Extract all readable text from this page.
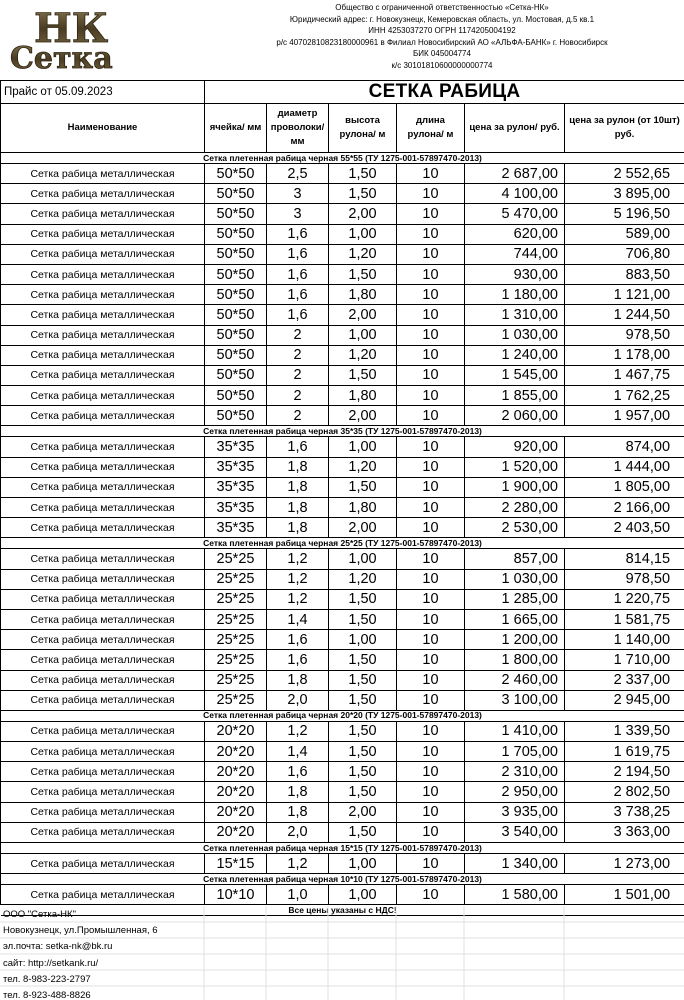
НК
Сетка
Общество с ограниченной ответственностью «Сетка-НК»
Юридический адрес: г. Новокузнецк, Кемеровская область, ул. Мостовая, д.5 кв.1
ИНН 4253037270 ОГРН 1174205004192
р/с 40702810823180000961 в Филиал Новосибирский АО «АЛЬФА-БАНК» г. Новосибирск
БИК 045004774
к/с 30101810600000000774
Прайс от 05.09.2023	СЕТКА РАБИЦА					
Наименование	ячейка/ мм	диаметр проволоки/ мм	высота рулона/ м	длина рулона/ м	цена за рулон/ руб.	цена за рулон (от 10шт) руб.
Сетка плетенная рабица черная 55*55 (ТУ 1275-001-57897470-2013)						
Сетка рабица металлическая	50*50	2,5	1,50	10	2 687,00	2 552,65
Сетка рабица металлическая	50*50	3	1,50	10	4 100,00	3 895,00
Сетка рабица металлическая	50*50	3	2,00	10	5 470,00	5 196,50
Сетка рабица металлическая	50*50	1,6	1,00	10	620,00	589,00
Сетка рабица металлическая	50*50	1,6	1,20	10	744,00	706,80
Сетка рабица металлическая	50*50	1,6	1,50	10	930,00	883,50
Сетка рабица металлическая	50*50	1,6	1,80	10	1 180,00	1 121,00
Сетка рабица металлическая	50*50	1,6	2,00	10	1 310,00	1 244,50
Сетка рабица металлическая	50*50	2	1,00	10	1 030,00	978,50
Сетка рабица металлическая	50*50	2	1,20	10	1 240,00	1 178,00
Сетка рабица металлическая	50*50	2	1,50	10	1 545,00	1 467,75
Сетка рабица металлическая	50*50	2	1,80	10	1 855,00	1 762,25
Сетка рабица металлическая	50*50	2	2,00	10	2 060,00	1 957,00
Сетка плетенная рабица черная 35*35 (ТУ 1275-001-57897470-2013)						
Сетка рабица металлическая	35*35	1,6	1,00	10	920,00	874,00
Сетка рабица металлическая	35*35	1,8	1,20	10	1 520,00	1 444,00
Сетка рабица металлическая	35*35	1,8	1,50	10	1 900,00	1 805,00
Сетка рабица металлическая	35*35	1,8	1,80	10	2 280,00	2 166,00
Сетка рабица металлическая	35*35	1,8	2,00	10	2 530,00	2 403,50
Сетка плетенная рабица черная 25*25 (ТУ 1275-001-57897470-2013)						
Сетка рабица металлическая	25*25	1,2	1,00	10	857,00	814,15
Сетка рабица металлическая	25*25	1,2	1,20	10	1 030,00	978,50
Сетка рабица металлическая	25*25	1,2	1,50	10	1 285,00	1 220,75
Сетка рабица металлическая	25*25	1,4	1,50	10	1 665,00	1 581,75
Сетка рабица металлическая	25*25	1,6	1,00	10	1 200,00	1 140,00
Сетка рабица металлическая	25*25	1,6	1,50	10	1 800,00	1 710,00
Сетка рабица металлическая	25*25	1,8	1,50	10	2 460,00	2 337,00
Сетка рабица металлическая	25*25	2,0	1,50	10	3 100,00	2 945,00
Сетка плетенная рабица черная 20*20 (ТУ 1275-001-57897470-2013)						
Сетка рабица металлическая	20*20	1,2	1,50	10	1 410,00	1 339,50
Сетка рабица металлическая	20*20	1,4	1,50	10	1 705,00	1 619,75
Сетка рабица металлическая	20*20	1,6	1,50	10	2 310,00	2 194,50
Сетка рабица металлическая	20*20	1,8	1,50	10	2 950,00	2 802,50
Сетка рабица металлическая	20*20	1,8	2,00	10	3 935,00	3 738,25
Сетка рабица металлическая	20*20	2,0	1,50	10	3 540,00	3 363,00
Сетка плетенная рабица черная 15*15 (ТУ 1275-001-57897470-2013)						
Сетка рабица металлическая	15*15	1,2	1,00	10	1 340,00	1 273,00
Сетка плетенная рабица черная 10*10 (ТУ 1275-001-57897470-2013)						
Сетка рабица металлическая	10*10	1,0	1,00	10	1 580,00	1 501,00
Все цены указаны с НДС!						
ООО "Сетка-НК"
Новокузнецк, ул.Промышленная, 6
эл.почта: setka-nk@bk.ru
сайт: http://setkank.ru/
тел. 8-983-223-2797
тел. 8-923-488-8826
